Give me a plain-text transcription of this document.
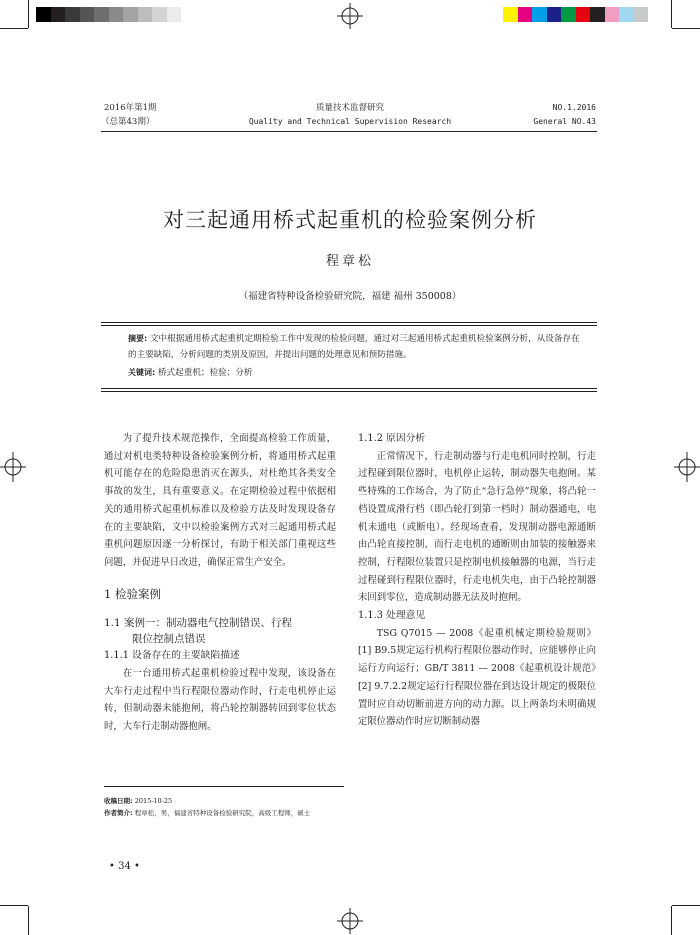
2016年第1期
（总第43期）
质量技术监督研究
Quality and Technical Supervision Research
NO.1.2016
General NO.43
对三起通用桥式起重机的检验案例分析
程章松
（福建省特种设备检验研究院，福建 福州 350008）
摘要: 文中根据通用桥式起重机定期检验工作中发现的检验问题，通过对三起通用桥式起重机检验案例分析，从设备存在的主要缺陷，分析问题的类别及原因，并提出问题的处理意见和预防措施。
关键词: 桥式起重机；检验；分析

为了提升技术规范操作，全面提高检验工作质量，通过对机电类特种设备检验案例分析，将通用桥式起重机可能存在的危险隐患消灭在源头，对杜绝其各类安全事故的发生，具有重要意义。在定期检验过程中依据相关的通用桥式起重机标准以及检验方法及时发现设备存在的主要缺陷，文中以检验案例方式对三起通用桥式起重机问题原因逐一分析探讨，有助于相关部门重视这些问题，并促进早日改进，确保正常生产安全。

1 检验案例

1.1 案例一：制动器电气控制错误、行程

限位控制点错误

1.1.1 设备存在的主要缺陷描述

在一台通用桥式起重机检验过程中发现，该设备在大车行走过程中当行程限位器动作时，行走电机停止运转，但制动器未能抱闸，将凸轮控制器转回到零位状态时，大车行走制动器抱闸。

1.1.2 原因分析

正常情况下，行走制动器与行走电机同时控制，行走过程碰到限位器时，电机停止运转，制动器失电抱闸。某些特殊的工作场合，为了防止“急行急停”现象，将凸轮一档设置成滑行档（即凸轮打到第一档时）制动器通电，电机未通电（或断电）。经现场查看，发现制动器电源通断由凸轮直接控制，而行走电机的通断则由加装的接触器来控制，行程限位装置只是控制电机接触器的电源，当行走过程碰到行程限位器时，行走电机失电，由于凸轮控制器未回到零位，造成制动器无法及时抱闸。

1.1.3 处理意见

TSG Q7015 — 2008《起重机械定期检验规则》[1] B9.5规定运行机构行程限位器动作时，应能够停止向运行方向运行；GB/T 3811 — 2008《起重机设计规范》[2] 9.7.2.2规定运行行程限位器在到达设计规定的极限位置时应自动切断前进方向的动力源。以上两条均未明确规定限位器动作时应切断制动器

收稿日期: 2015-10-25
作者简介: 程章松，男，福建省特种设备检验研究院，高级工程师，硕士
• 34 •
